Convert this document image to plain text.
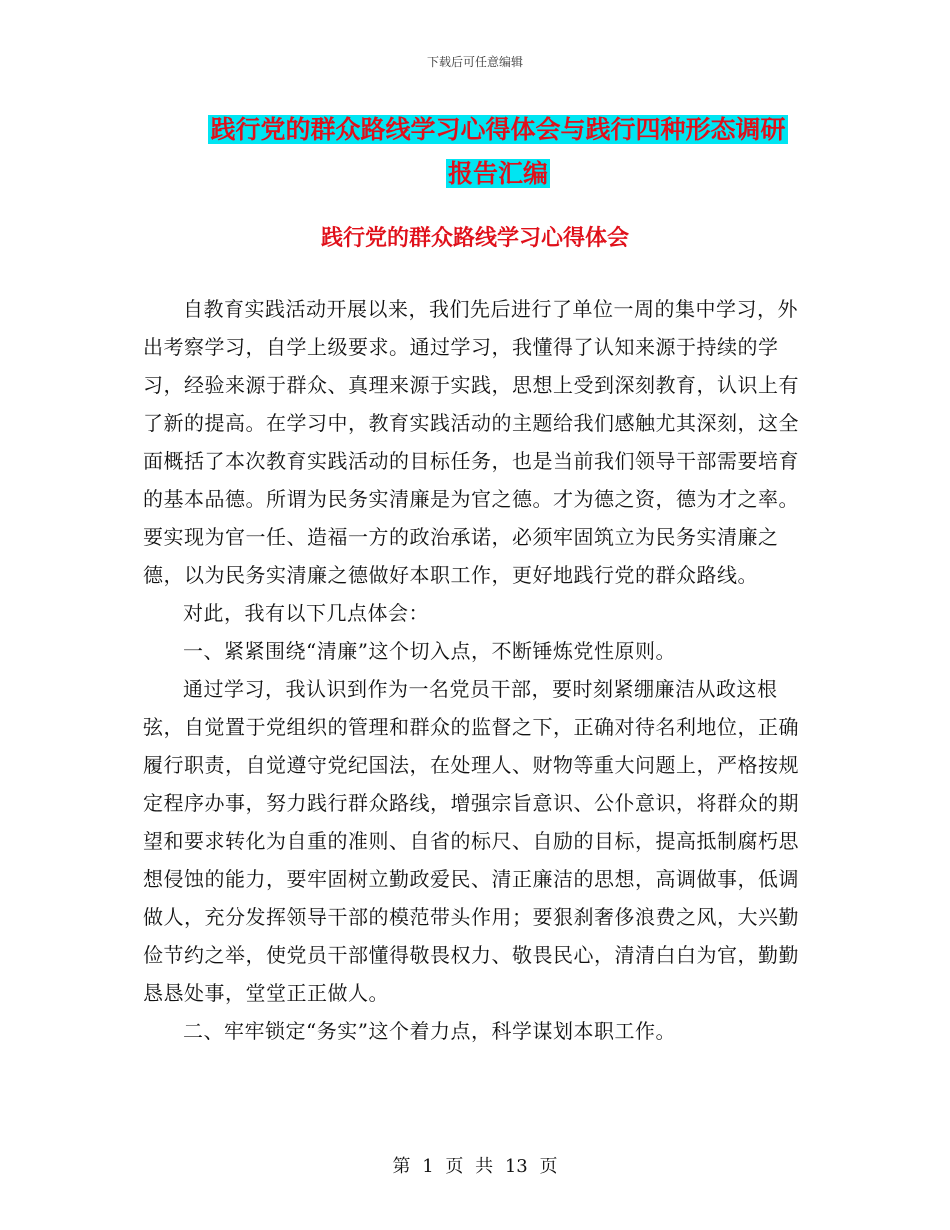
下载后可任意编辑
践行党的群众路线学习心得体会与践行四种形态调研
报告汇编
践行党的群众路线学习心得体会

自教育实践活动开展以来，我们先后进行了单位一周的集中学习，外出考察学习，自学上级要求。通过学习，我懂得了认知来源于持续的学习，经验来源于群众、真理来源于实践，思想上受到深刻教育，认识上有了新的提高。在学习中，教育实践活动的主题给我们感触尤其深刻，这全面概括了本次教育实践活动的目标任务，也是当前我们领导干部需要培育的基本品德。所谓为民务实清廉是为官之德。才为德之资，德为才之率。要实现为官一任、造福一方的政治承诺，必须牢固筑立为民务实清廉之德，以为民务实清廉之德做好本职工作，更好地践行党的群众路线。

对此，我有以下几点体会：

一、紧紧围绕“清廉”这个切入点，不断锤炼党性原则。

通过学习，我认识到作为一名党员干部，要时刻紧绷廉洁从政这根弦，自觉置于党组织的管理和群众的监督之下，正确对待名利地位，正确履行职责，自觉遵守党纪国法，在处理人、财物等重大问题上，严格按规定程序办事，努力践行群众路线，增强宗旨意识、公仆意识，将群众的期望和要求转化为自重的准则、自省的标尺、自励的目标，提高抵制腐朽思想侵蚀的能力，要牢固树立勤政爱民、清正廉洁的思想，高调做事，低调做人，充分发挥领导干部的模范带头作用；要狠刹奢侈浪费之风，大兴勤俭节约之举，使党员干部懂得敬畏权力、敬畏民心，清清白白为官，勤勤恳恳处事，堂堂正正做人。

二、牢牢锁定“务实”这个着力点，科学谋划本职工作。

第 1 页 共 13 页
